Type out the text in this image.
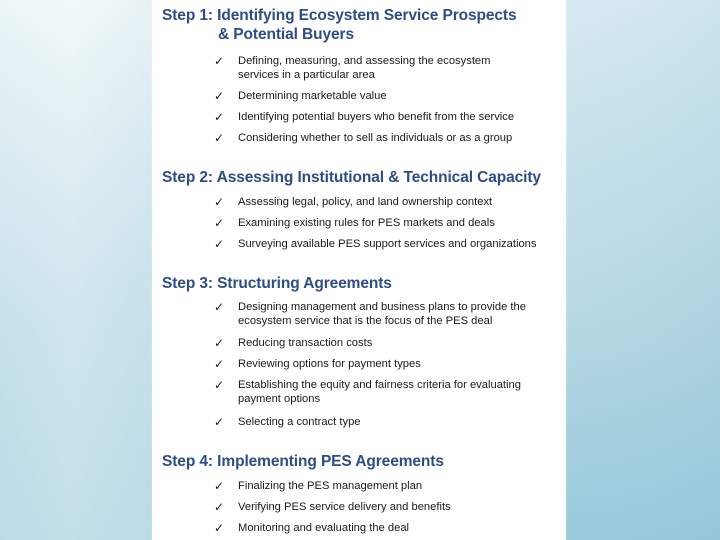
Step 1: Identifying Ecosystem Service Prospects
& Potential Buyers
✓ Defining, measuring, and assessing the ecosystem
services in a particular area
✓ Determining marketable value
✓ Identifying potential buyers who benefit from the service
✓ Considering whether to sell as individuals or as a group
Step 2: Assessing Institutional & Technical Capacity
✓ Assessing legal, policy, and land ownership context
✓ Examining existing rules for PES markets and deals
✓ Surveying available PES support services and organizations
Step 3: Structuring Agreements
✓ Designing management and business plans to provide the
ecosystem service that is the focus of the PES deal
✓ Reducing transaction costs
✓ Reviewing options for payment types
✓ Establishing the equity and fairness criteria for evaluating
payment options
✓ Selecting a contract type
Step 4: Implementing PES Agreements
✓ Finalizing the PES management plan
✓ Verifying PES service delivery and benefits
✓ Monitoring and evaluating the deal
